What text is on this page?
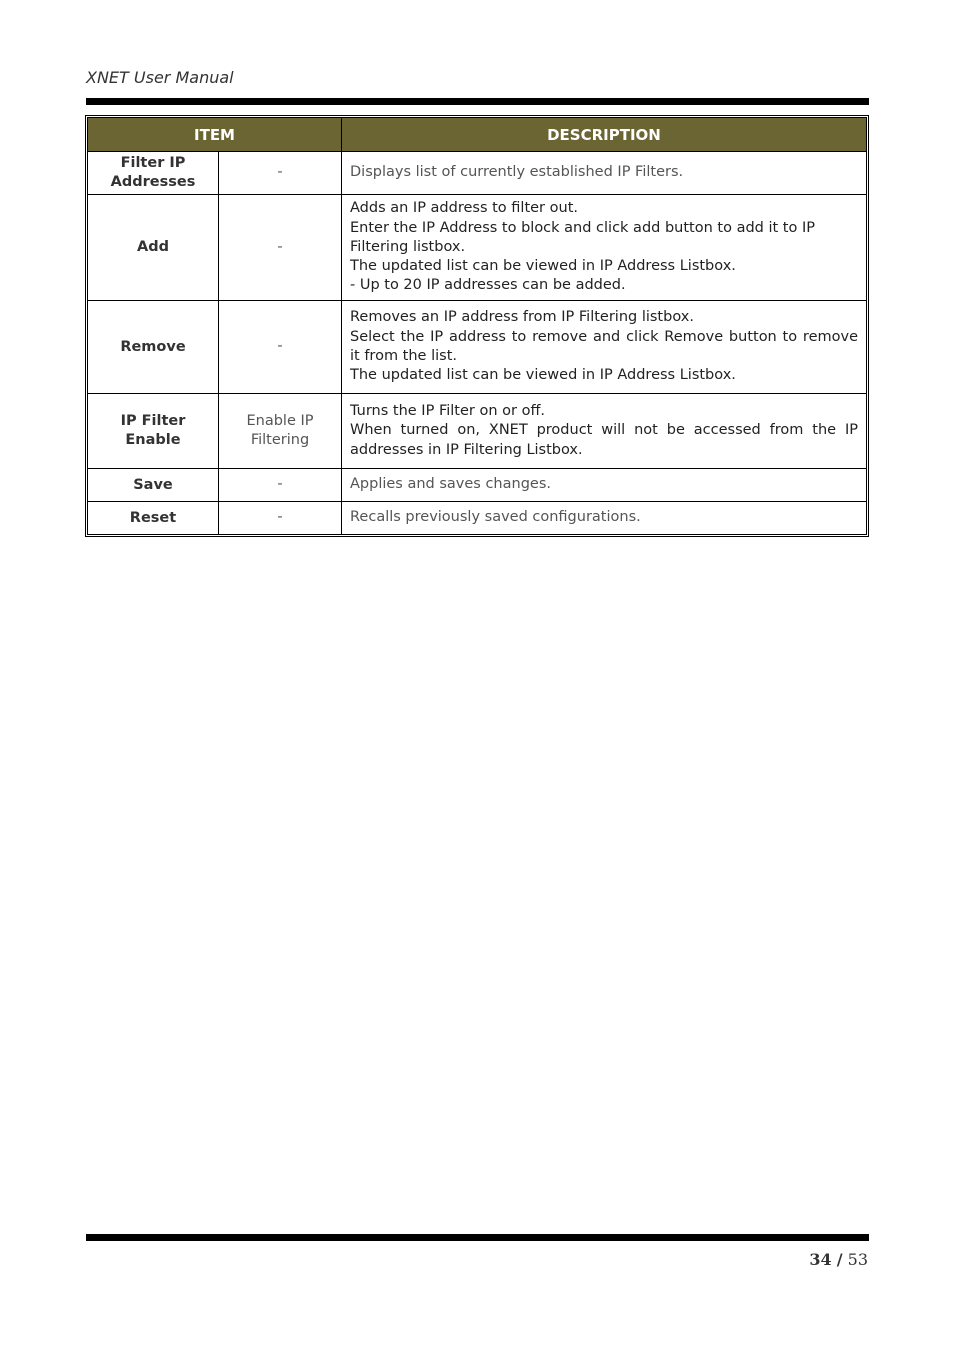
XNET User Manual
ITEM		DESCRIPTION
Filter IP Addresses	-	Displays list of currently established IP Filters.

Add	-	Adds an IP address to filter out.
Enter the IP Address to block and click add button to add it to IP Filtering listbox.
The updated list can be viewed in IP Address Listbox.
- Up to 20 IP addresses can be added.

Remove	-	Removes an IP address from IP Filtering listbox.
Select the IP address to remove and click Remove button to remove it from the list.
The updated list can be viewed in IP Address Listbox.

IP Filter Enable	Enable IP Filtering	Turns the IP Filter on or off.
When turned on, XNET product will not be accessed from the IP addresses in IP Filtering Listbox.

Save	-	Applies and saves changes.

Reset	-	Recalls previously saved configurations.
34 / 53
